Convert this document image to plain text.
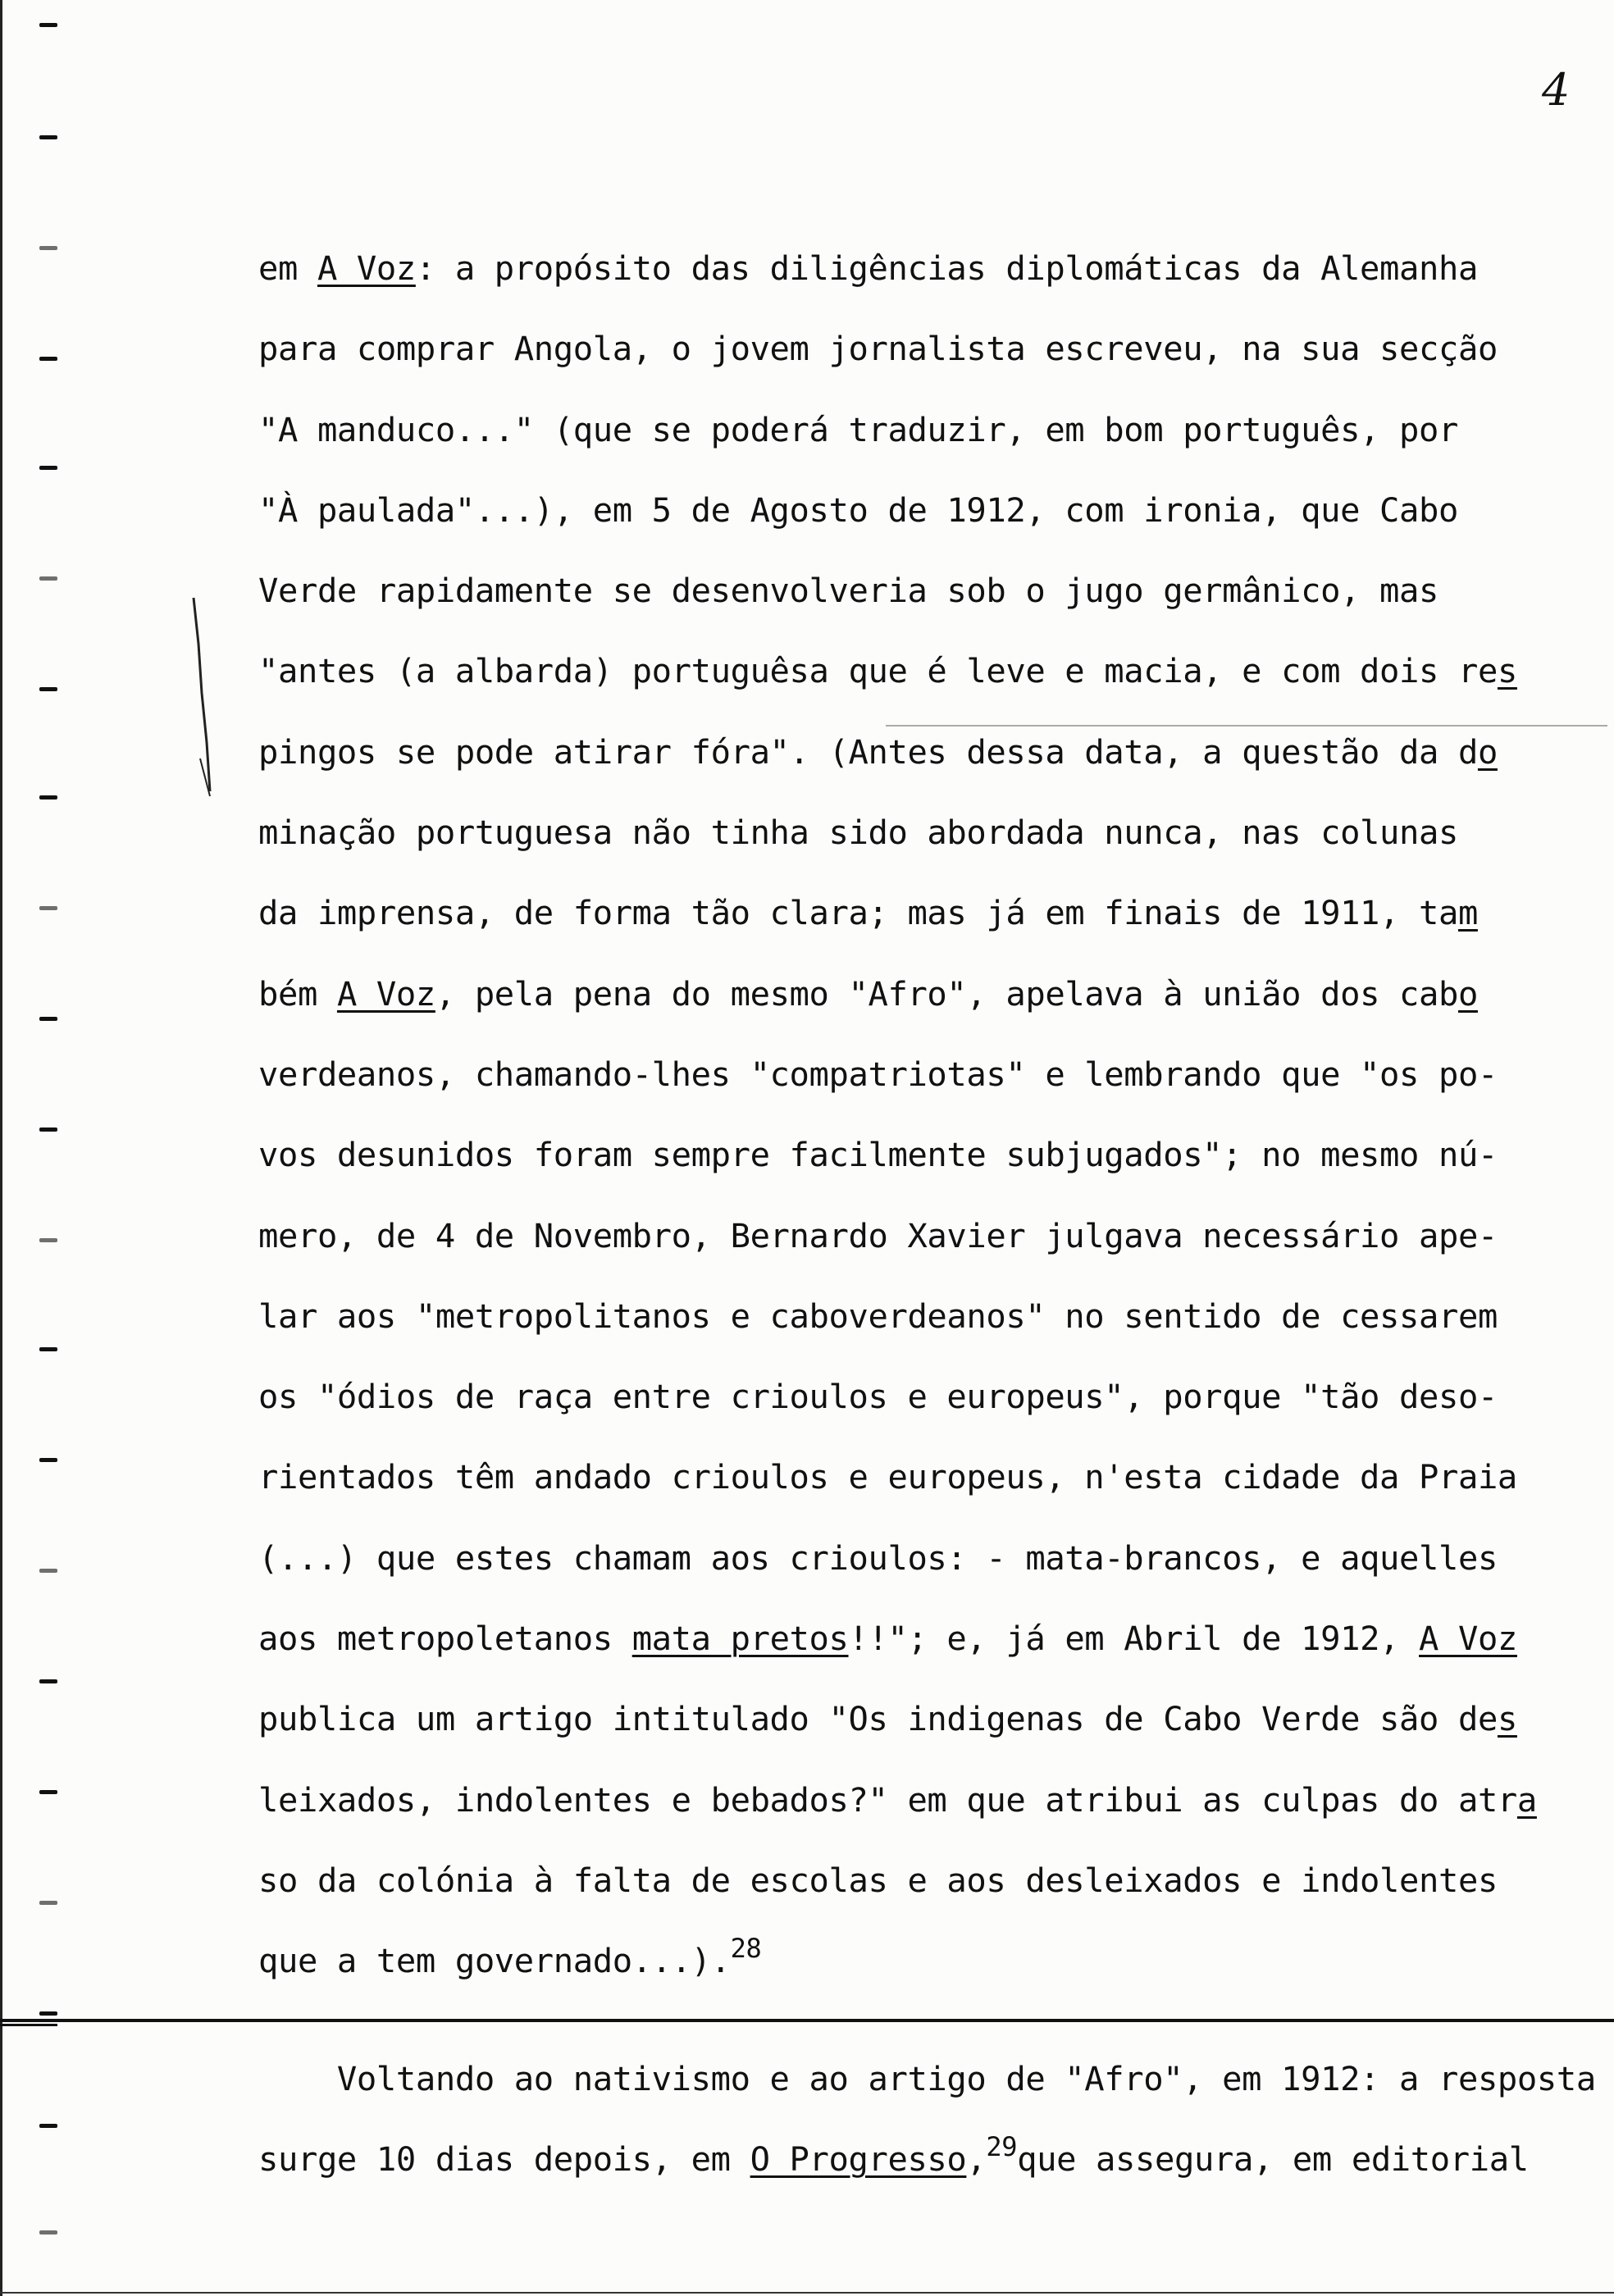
4
em A Voz: a propósito das diligências diplomáticas da Alemanha
para comprar Angola, o jovem jornalista escreveu, na sua secção
"A manduco..." (que se poderá traduzir, em bom português, por
"À paulada"...), em 5 de Agosto de 1912, com ironia, que Cabo
Verde rapidamente se desenvolveria sob o jugo germânico, mas
"antes (a albarda) portuguêsa que é leve e macia, e com dois res
pingos se pode atirar fóra". (Antes dessa data, a questão da do
minação portuguesa não tinha sido abordada nunca, nas colunas
da imprensa, de forma tão clara; mas já em finais de 1911, tam
bém A Voz, pela pena do mesmo "Afro", apelava à união dos cabo
verdeanos, chamando-lhes "compatriotas" e lembrando que "os po-
vos desunidos foram sempre facilmente subjugados"; no mesmo nú-
mero, de 4 de Novembro, Bernardo Xavier julgava necessário ape-
lar aos "metropolitanos e caboverdeanos" no sentido de cessarem
os "ódios de raça entre crioulos e europeus", porque "tão deso-
rientados têm andado crioulos e europeus, n'esta cidade da Praia
(...) que estes chamam aos crioulos: - mata-brancos, e aquelles
aos metropoletanos mata pretos!!"; e, já em Abril de 1912, A Voz
publica um artigo intitulado "Os indigenas de Cabo Verde são des
leixados, indolentes e bebados?" em que atribui as culpas do atra
so da colónia à falta de escolas e aos desleixados e indolentes
que a tem governado...).$^{28}$
Voltando ao nativismo e ao artigo de "Afro", em 1912: a resposta
surge 10 dias depois, em O Progresso,$^{29}$que assegura, em editorial
